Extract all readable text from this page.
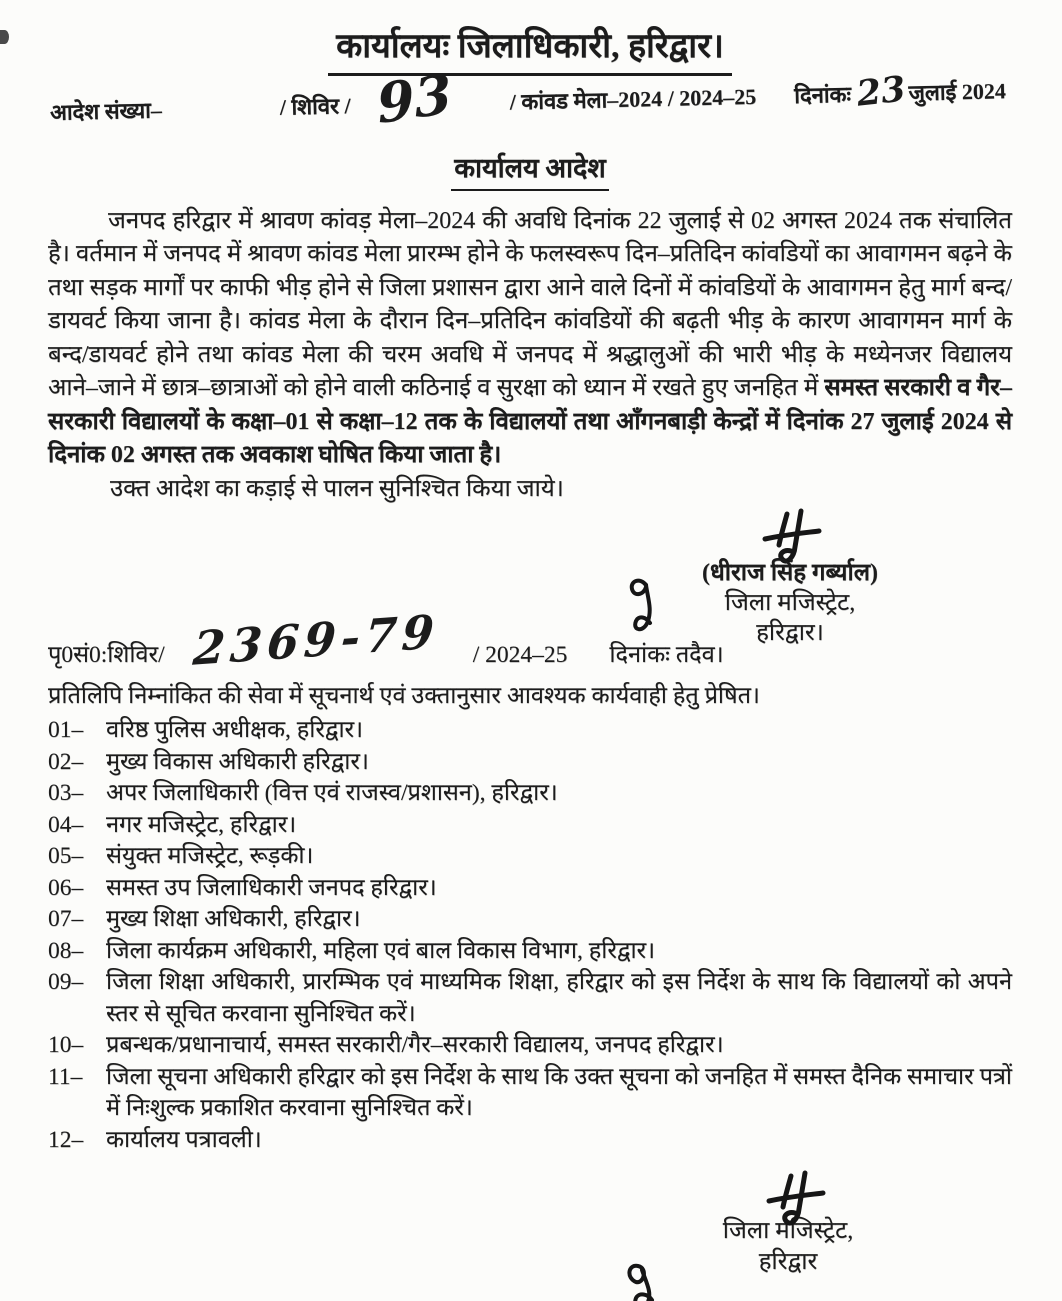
कार्यालयः जिलाधिकारी, हरिद्वार।
आदेश संख्या–	/ शिविर / 93	/ कांवड मेला–2024 / 2024–25 दिनांकः 23 जुलाई 2024
कार्यालय आदेश

जनपद हरिद्वार में श्रावण कांवड़ मेला–2024 की अवधि दिनांक 22 जुलाई से 02 अगस्त 2024 तक संचालित है। वर्तमान में जनपद में श्रावण कांवड मेला प्रारम्भ होने के फलस्वरूप दिन–प्रतिदिन कांवडियों का आवागमन बढ़ने के तथा सड़क मार्गों पर काफी भीड़ होने से जिला प्रशासन द्वारा आने वाले दिनों में कांवडियों के आवागमन हेतु मार्ग बन्द/डायवर्ट किया जाना है। कांवड मेला के दौरान दिन–प्रतिदिन कांवडियों की बढ़ती भीड़ के कारण आवागमन मार्ग के बन्द/डायवर्ट होने तथा कांवड मेला की चरम अवधि में जनपद में श्रद्धालुओं की भारी भीड़ के मध्येनजर विद्यालय आने–जाने में छात्र–छात्राओं को होने वाली कठिनाई व सुरक्षा को ध्यान में रखते हुए जनहित में समस्त सरकारी व गैर–सरकारी विद्यालयों के कक्षा–01 से कक्षा–12 तक के विद्यालयों तथा आँगनबाड़ी केन्द्रों में दिनांक 27 जुलाई 2024 से दिनांक 02 अगस्त तक अवकाश घोषित किया जाता है।

उक्त आदेश का कड़ाई से पालन सुनिश्चित किया जाये।

(धीराज सिंह गर्ब्याल)
जिला मजिस्ट्रेट,
हरिद्वार।
पृ0सं0:शिविर/ 2369-79 / 2024–25 दिनांकः तदैव।
प्रतिलिपि निम्नांकित की सेवा में सूचनार्थ एवं उक्तानुसार आवश्यक कार्यवाही हेतु प्रेषित।
01– वरिष्ठ पुलिस अधीक्षक, हरिद्वार।
02– मुख्य विकास अधिकारी हरिद्वार।
03– अपर जिलाधिकारी (वित्त एवं राजस्व/प्रशासन), हरिद्वार।
04– नगर मजिस्ट्रेट, हरिद्वार।
05– संयुक्त मजिस्ट्रेट, रूड़की।
06– समस्त उप जिलाधिकारी जनपद हरिद्वार।
07– मुख्य शिक्षा अधिकारी, हरिद्वार।
08– जिला कार्यक्रम अधिकारी, महिला एवं बाल विकास विभाग, हरिद्वार।
09– जिला शिक्षा अधिकारी, प्रारम्भिक एवं माध्यमिक शिक्षा, हरिद्वार को इस निर्देश के साथ कि विद्यालयों को अपने स्तर से सूचित करवाना सुनिश्चित करें।
10– प्रबन्धक/प्रधानाचार्य, समस्त सरकारी/गैर–सरकारी विद्यालय, जनपद हरिद्वार।
11–	जिला सूचना अधिकारी हरिद्वार को इस निर्देश के साथ कि उक्त सूचना को जनहित में समस्त दैनिक समाचार पत्रों में निःशुल्क प्रकाशित करवाना सुनिश्चित करें।
12– कार्यालय पत्रावली।
जिला मजिस्ट्रेट,
हरिद्वार
